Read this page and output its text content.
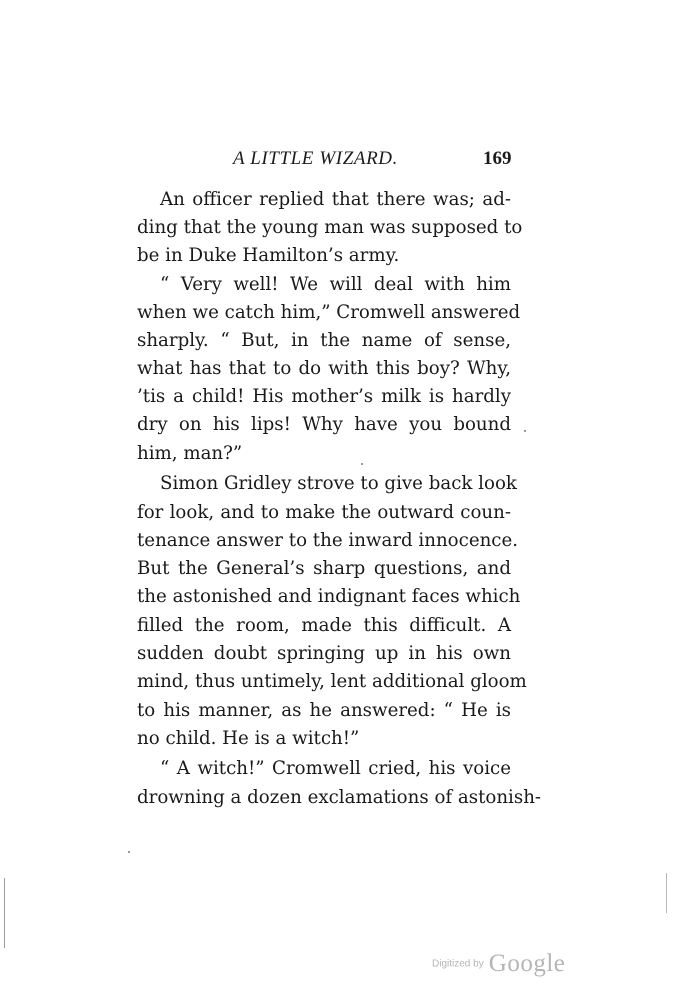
A LITTLE WIZARD.	169
An officer replied that there was; ad-
ding that the young man was supposed to
be in Duke Hamilton’s army.
“ Very well! We will deal with him
when we catch him,” Cromwell answered
sharply. “ But, in the name of sense,
what has that to do with this boy? Why,
’tis a child! His mother’s milk is hardly
dry on his lips! Why have you bound
him, man?”
Simon Gridley strove to give back look
for look, and to make the outward coun-
tenance answer to the inward innocence.
But the General’s sharp questions, and
the astonished and indignant faces which
filled the room, made this difficult. A
sudden doubt springing up in his own
mind, thus untimely, lent additional gloom
to his manner, as he answered: “ He is
no child. He is a witch!”
“ A witch!” Cromwell cried, his voice
drowning a dozen exclamations of astonish-
Digitized by Google
